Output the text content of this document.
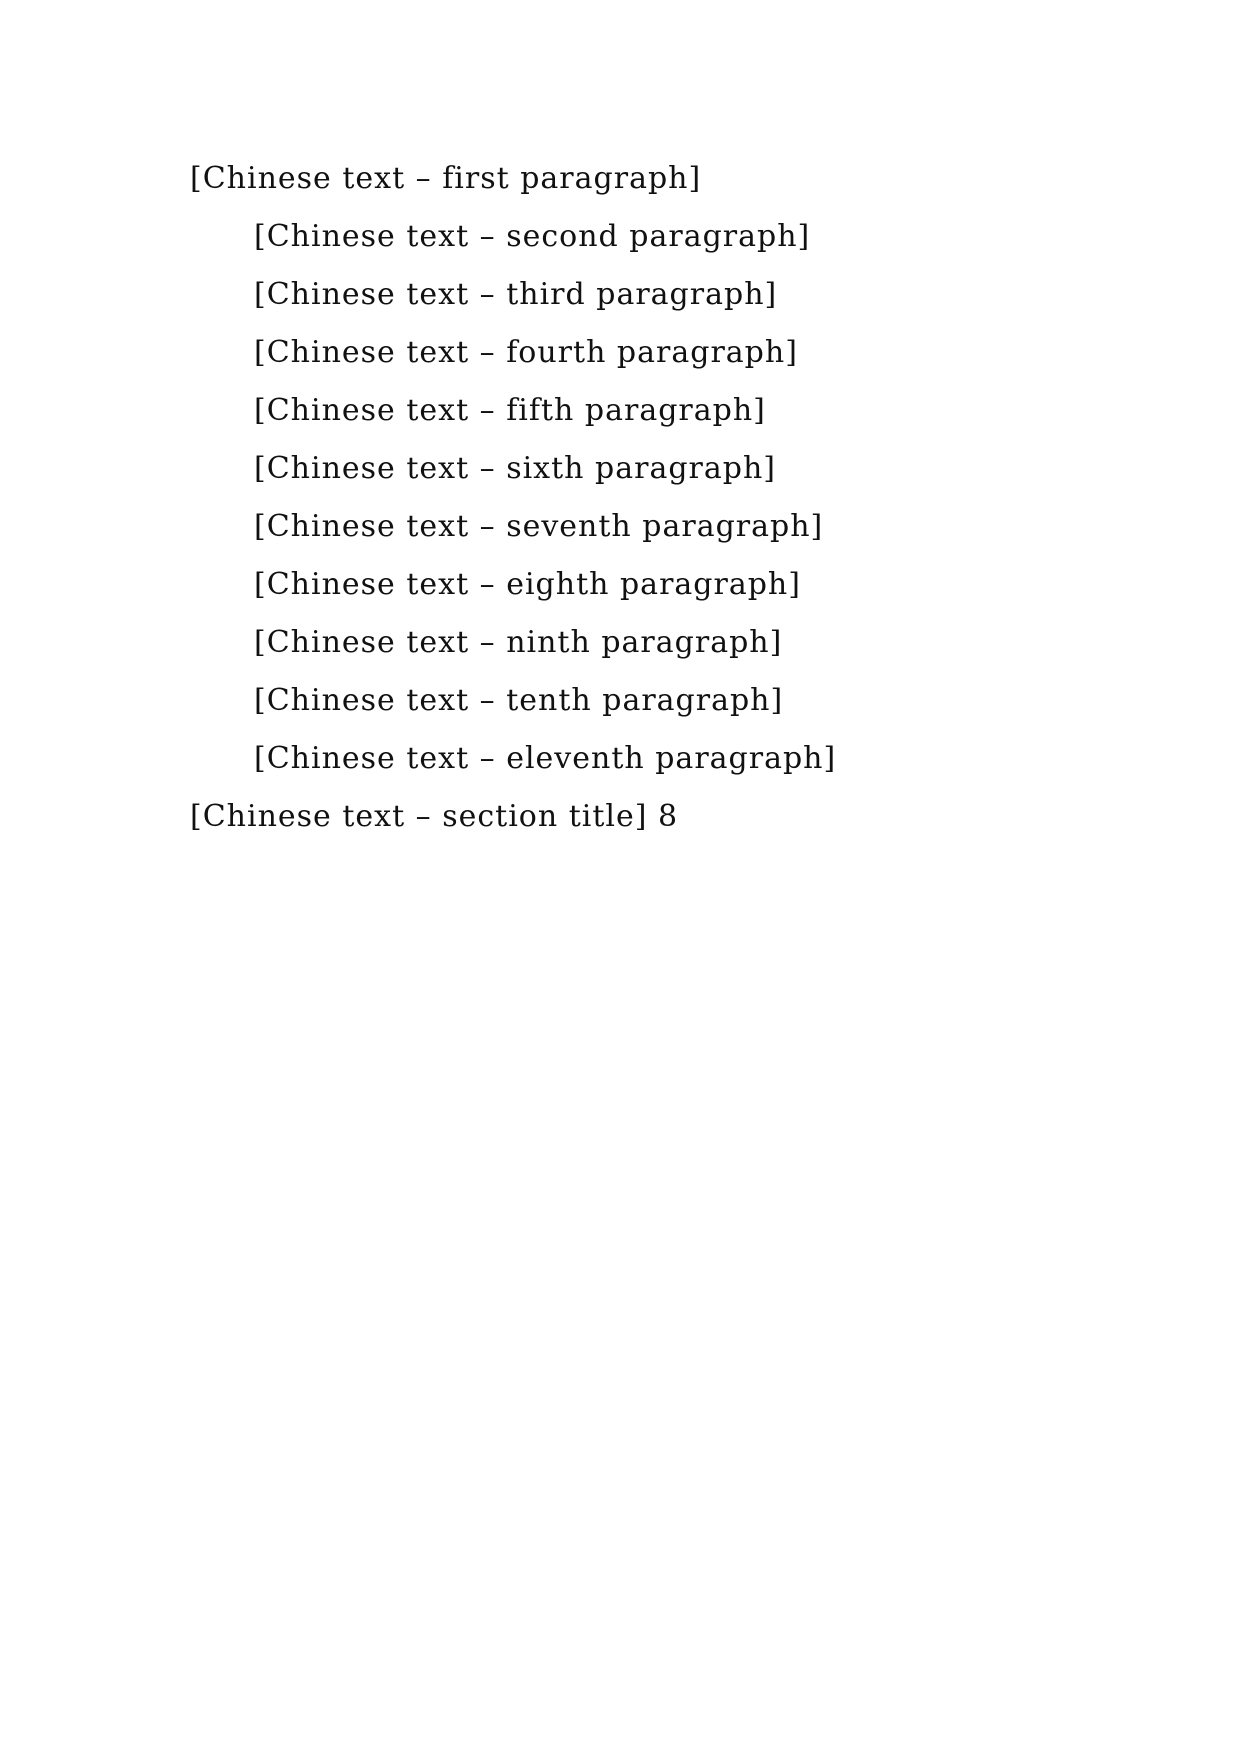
[Chinese text – first paragraph]

[Chinese text – second paragraph]

[Chinese text – third paragraph]

[Chinese text – fourth paragraph]

[Chinese text – fifth paragraph]

[Chinese text – sixth paragraph]

[Chinese text – seventh paragraph]

[Chinese text – eighth paragraph]

[Chinese text – ninth paragraph]

[Chinese text – tenth paragraph]

[Chinese text – eleventh paragraph]

[Chinese text – section title] 8
